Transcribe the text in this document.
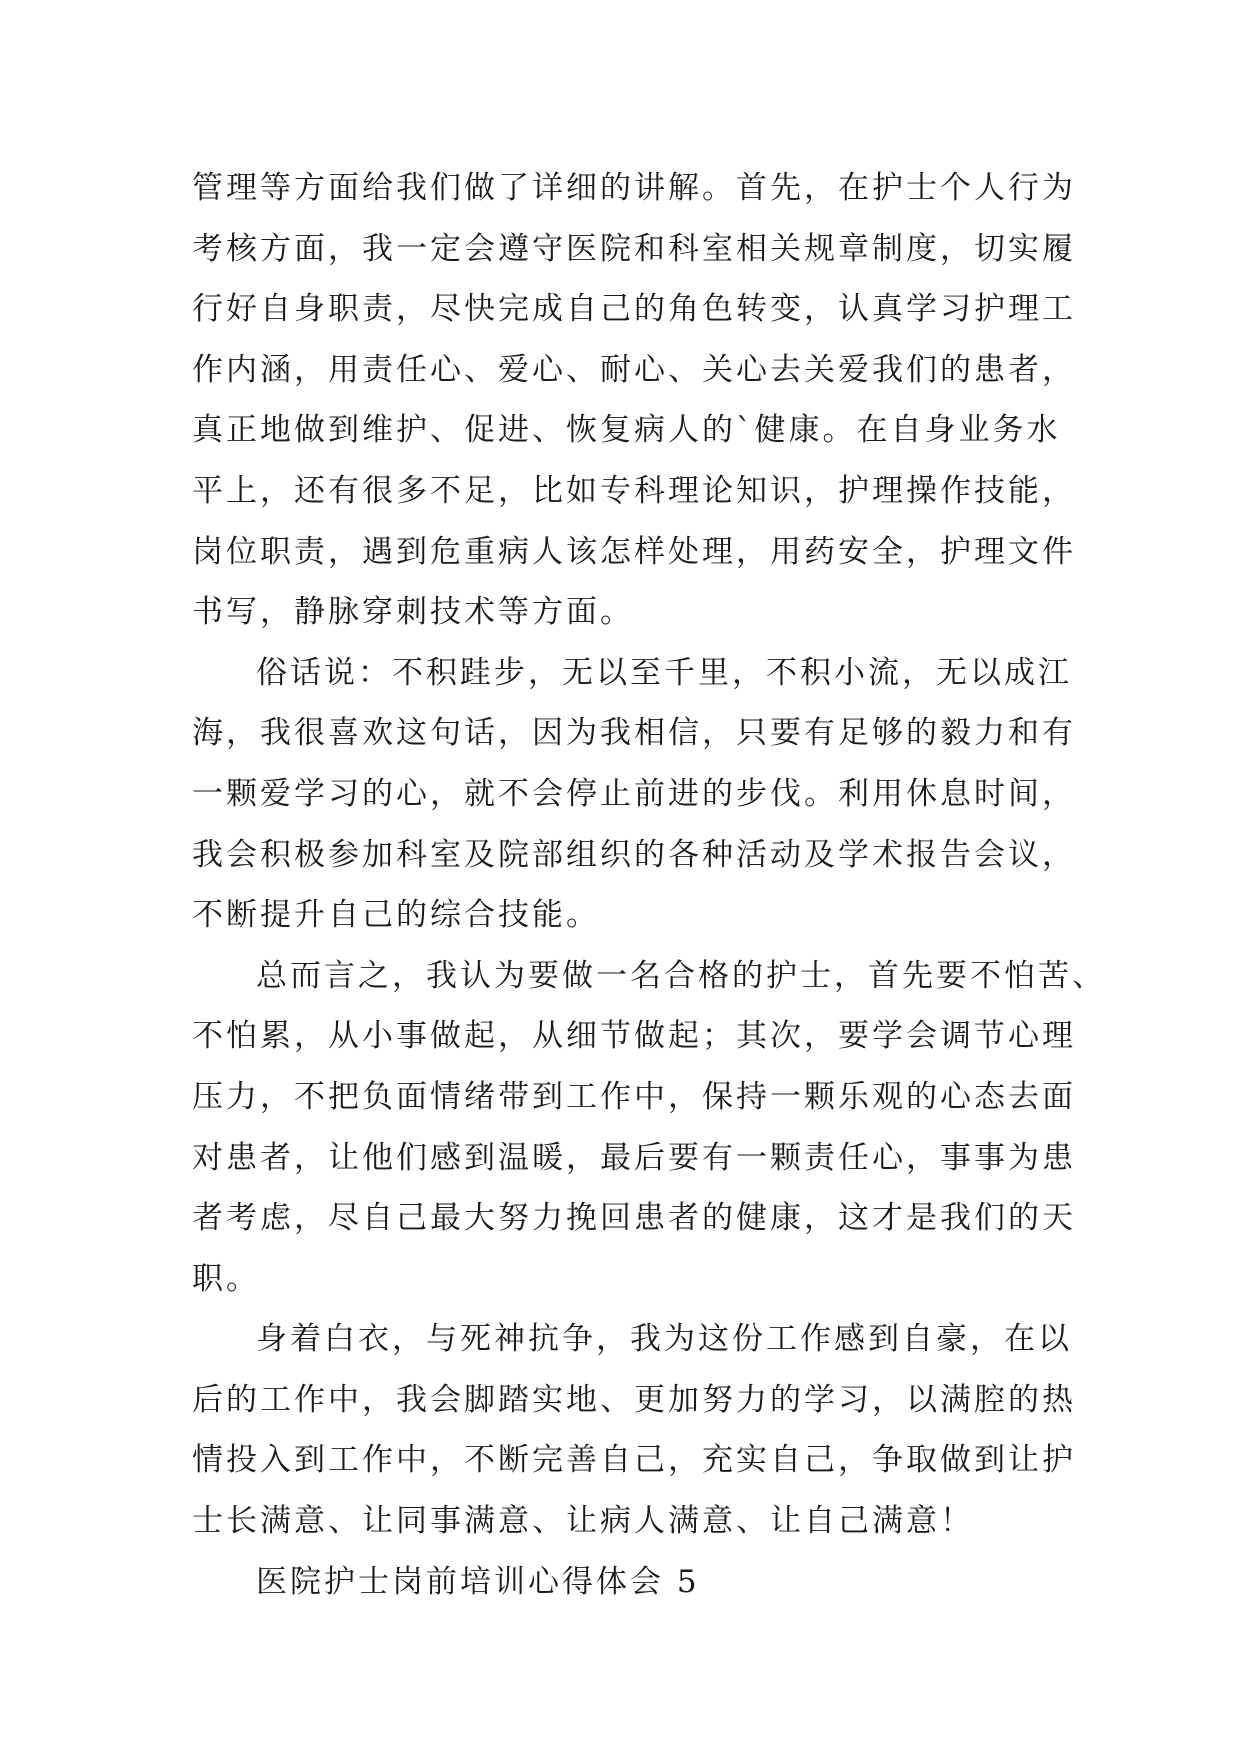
管理等方面给我们做了详细的讲解。首先，在护士个人行为
考核方面，我一定会遵守医院和科室相关规章制度，切实履
行好自身职责，尽快完成自己的角色转变，认真学习护理工
作内涵，用责任心、爱心、耐心、关心去关爱我们的患者，
真正地做到维护、促进、恢复病人的`健康。在自身业务水
平上，还有很多不足，比如专科理论知识，护理操作技能，
岗位职责，遇到危重病人该怎样处理，用药安全，护理文件
书写，静脉穿刺技术等方面。
俗话说：不积跬步，无以至千里，不积小流，无以成江
海，我很喜欢这句话，因为我相信，只要有足够的毅力和有
一颗爱学习的心，就不会停止前进的步伐。利用休息时间，
我会积极参加科室及院部组织的各种活动及学术报告会议，
不断提升自己的综合技能。
总而言之，我认为要做一名合格的护士，首先要不怕苦、
不怕累，从小事做起，从细节做起；其次，要学会调节心理
压力，不把负面情绪带到工作中，保持一颗乐观的心态去面
对患者，让他们感到温暖，最后要有一颗责任心，事事为患
者考虑，尽自己最大努力挽回患者的健康，这才是我们的天
职。
身着白衣，与死神抗争，我为这份工作感到自豪，在以
后的工作中，我会脚踏实地、更加努力的学习，以满腔的热
情投入到工作中，不断完善自己，充实自己，争取做到让护
士长满意、让同事满意、让病人满意、让自己满意！
医院护士岗前培训心得体会 5
